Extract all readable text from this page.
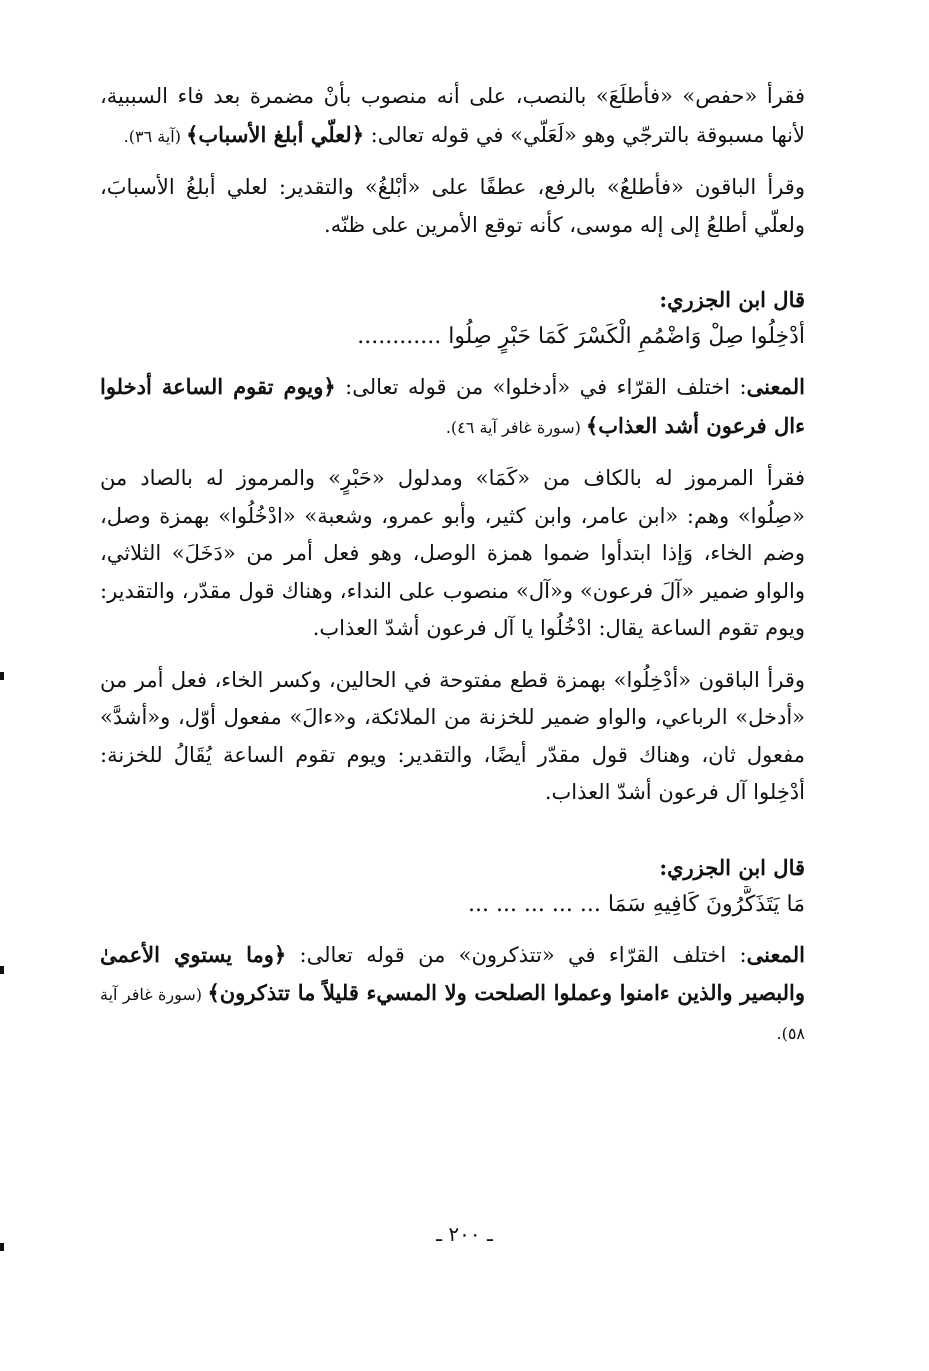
فقرأ «حفص» «فأطلَعَ» بالنصب، على أنه منصوب بأنْ مضمرة بعد فاء السببية، لأنها مسبوقة بالترجّي وهو «لَعَلّي» في قوله تعالى: ﴿لعلّي أبلغ الأسباب﴾ (آية ٣٦).

وقرأ الباقون «فأطلعُ» بالرفع، عطفًا على «أبْلغُ» والتقدير: لعلي أبلغُ الأسبابَ، ولعلّي أطلعُ إلى إله موسى، كأنه توقع الأمرين على ظنّه.

قال ابن الجزري:

أدْخِلُوا صِلْ وَاضْمُمِ الْكَسْرَ كَمَا حَبْرٍ صِلُوا ............

المعنى: اختلف القرّاء في «أدخلوا» من قوله تعالى: ﴿ويوم تقوم الساعة أدخلوا ءال فرعون أشد العذاب﴾ (سورة غافر آية ٤٦).

فقرأ المرموز له بالكاف من «كَمَا» ومدلول «حَبْرٍ» والمرموز له بالصاد من «صِلُوا» وهم: «ابن عامر، وابن كثير، وأبو عمرو، وشعبة» «ادْخُلُوا» بهمزة وصل، وضم الخاء، وَإذا ابتدأوا ضموا همزة الوصل، وهو فعل أمر من «دَخَلَ» الثلاثي، والواو ضمير «آلَ فرعون» و«آل» منصوب على النداء، وهناك قول مقدّر، والتقدير: ويوم تقوم الساعة يقال: ادْخُلُوا يا آل فرعون أشدّ العذاب.

وقرأ الباقون «أدْخِلُوا» بهمزة قطع مفتوحة في الحالين، وكسر الخاء، فعل أمر من «أدخل» الرباعي، والواو ضمير للخزنة من الملائكة، و«ءالَ» مفعول أوّل، و«أشدَّ» مفعول ثان، وهناك قول مقدّر أيضًا، والتقدير: ويوم تقوم الساعة يُقَالُ للخزنة: أدْخِلوا آل فرعون أشدّ العذاب.

قال ابن الجزري:

مَا يَتَذَكَّرُونَ كَافِيهِ سَمَا ... ... ... ... ...

المعنى: اختلف القرّاء في «تتذكرون» من قوله تعالى: ﴿وما يستوي الأعمىٰ والبصير والذين ءامنوا وعملوا الصلحت ولا المسيء قليلاً ما تتذكرون﴾ (سورة غافر آية ٥٨).

ـ ٢٠٠ ـ
